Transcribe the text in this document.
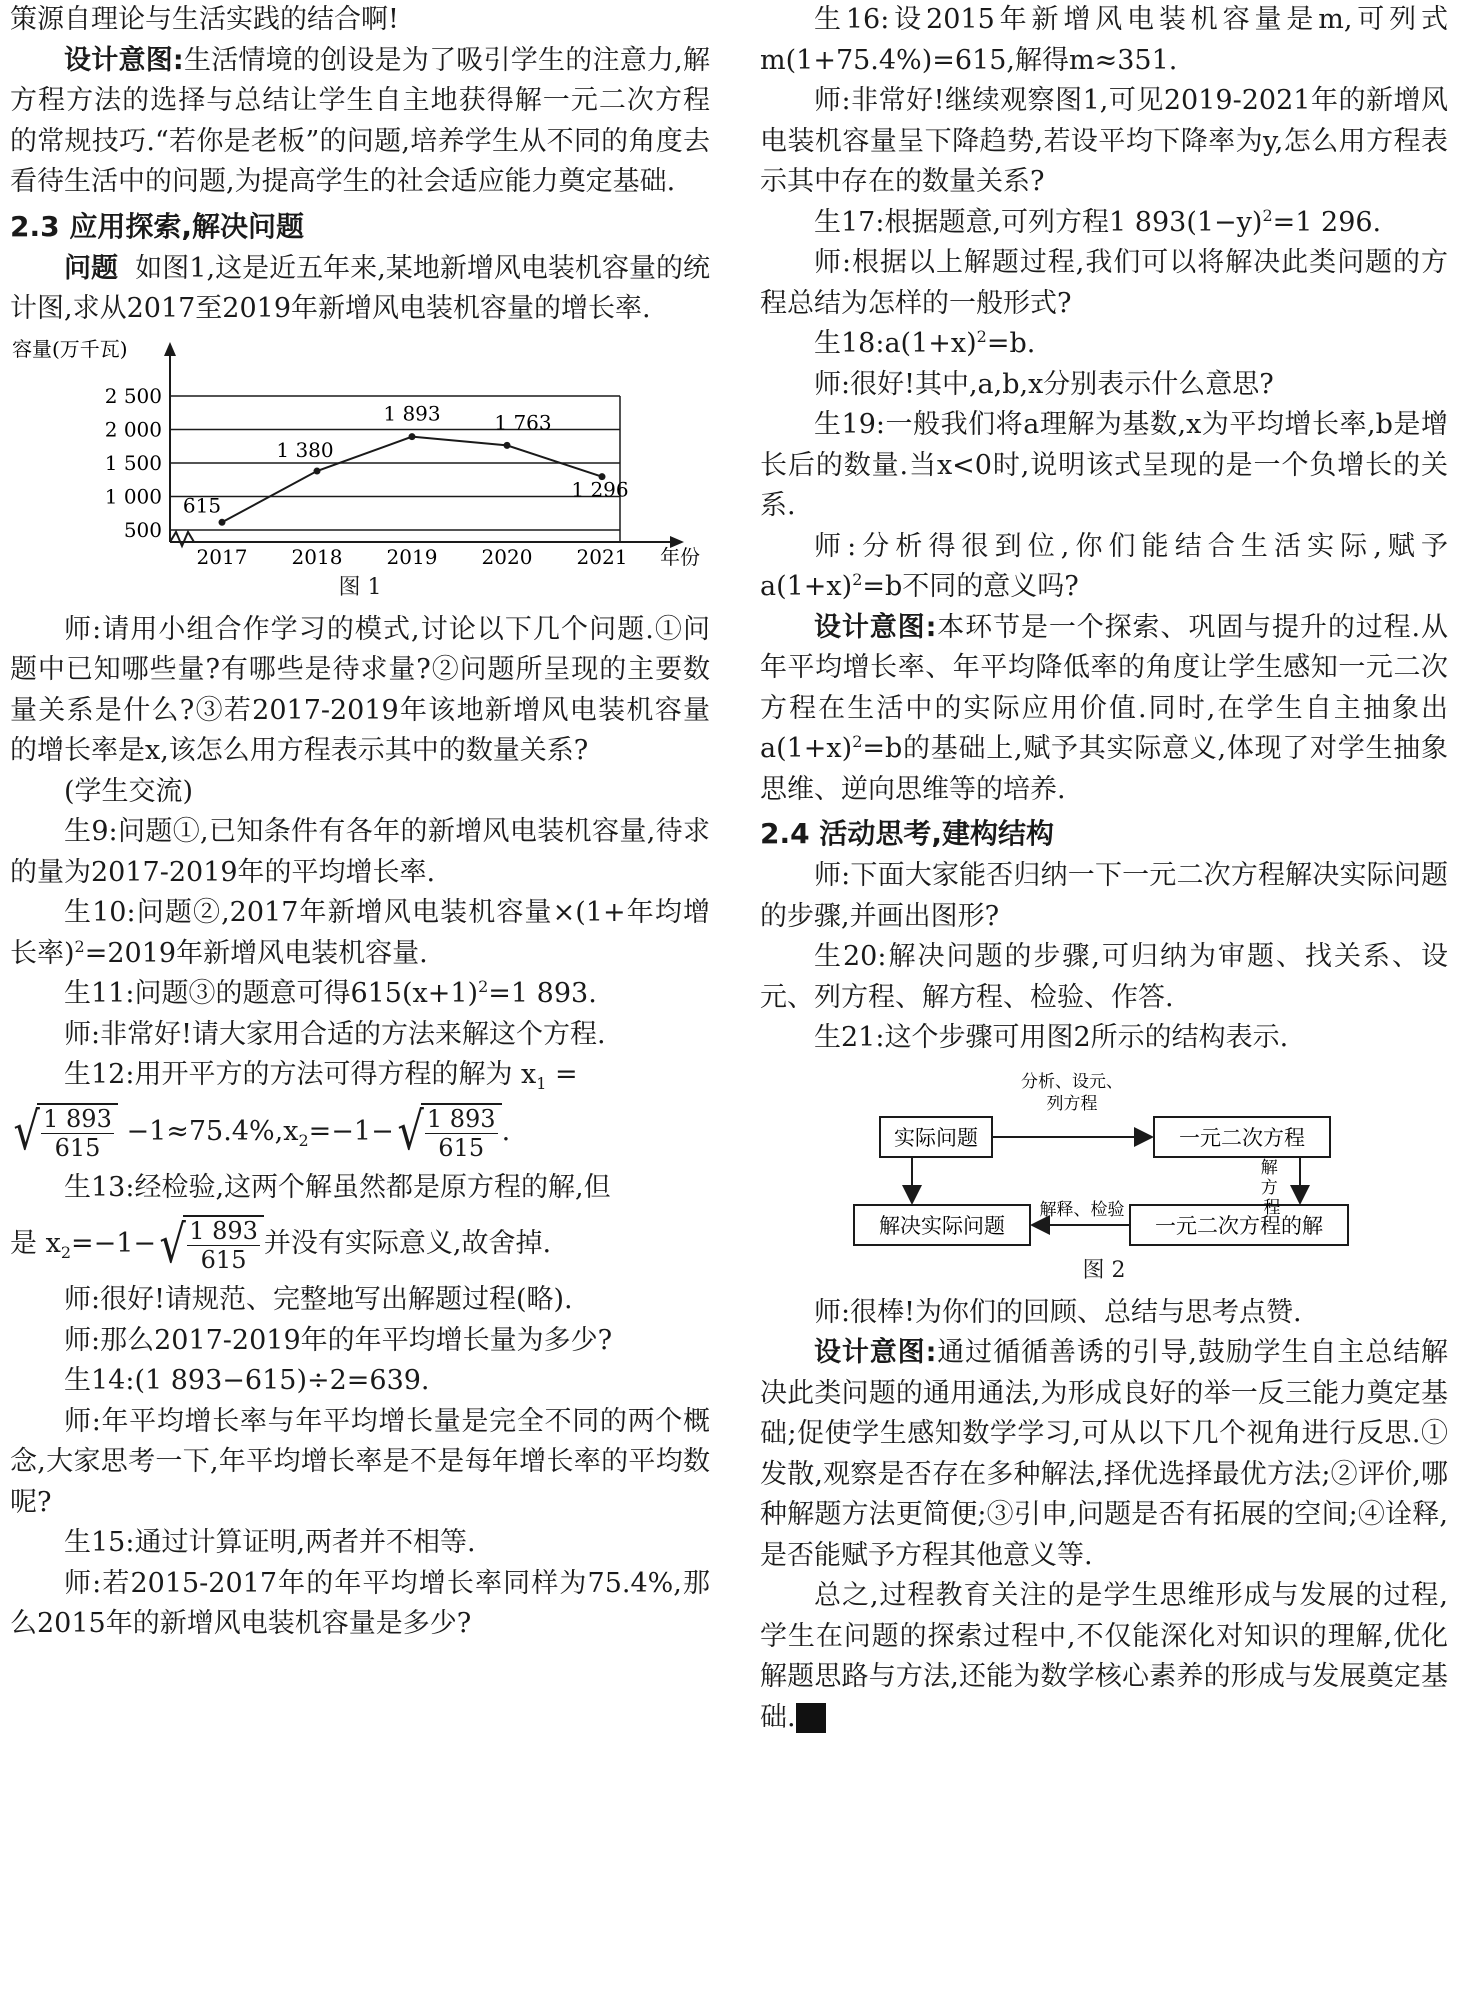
策源自理论与生活实践的结合啊!

设计意图:生活情境的创设是为了吸引学生的注意力,解方程方法的选择与总结让学生自主地获得解一元二次方程的常规技巧.“若你是老板”的问题,培养学生从不同的角度去看待生活中的问题,为提高学生的社会适应能力奠定基础.

2.3 应用探索,解决问题

问题 如图1,这是近五年来,某地新增风电装机容量的统计图,求从2017至2019年新增风电装机容量的增长率.

容量(万千瓦)
年份
500
1 000
1 500
2 000
2 500
2017 2018 2019 2020 2021
615
1 380
1 893	1 763
1 296
图 1

师:请用小组合作学习的模式,讨论以下几个问题.①问题中已知哪些量?有哪些是待求量?②问题所呈现的主要数量关系是什么?③若2017-2019年该地新增风电装机容量的增长率是x,该怎么用方程表示其中的数量关系?

(学生交流)

生9:问题①,已知条件有各年的新增风电装机容量,待求的量为2017-2019年的平均增长率.

生10:问题②,2017年新增风电装机容量×(1+年均增长率)$^2$=2019年新增风电装机容量.

生11:问题③的题意可得$615(x+1)^2=1$ 893.

师:非常好!请大家用合适的方法来解这个方程.

生12:用开平方的方法可得方程的解为 $x_1$ =

√
$\frac{1 893}{615} -1\approx 75.4\%,x_2=-1-$ √
$\frac{1 893}{615}$ .

生13:经检验,这两个解虽然都是原方程的解,但

是 $x_2=-1-$ √
$\frac{1 893}{615}$ 并没有实际意义,故舍掉.

师:很好!请规范、完整地写出解题过程(略).

师:那么2017-2019年的年平均增长量为多少?

生14:(1 893−615)÷2=639.

师:年平均增长率与年平均增长量是完全不同的两个概念,大家思考一下,年平均增长率是不是每年增长率的平均数呢?

生15:通过计算证明,两者并不相等.

师:若2015-2017年的年平均增长率同样为75.4%,那么2015年的新增风电装机容量是多少?

生16:设2015年新增风电装机容量是m,可列式m(1+75.4%)=615,解得m≈351.

师:非常好!继续观察图1,可见2019-2021年的新增风电装机容量呈下降趋势,若设平均下降率为y,怎么用方程表示其中存在的数量关系?

生17:根据题意,可列方程1 $893(1-y)^2=1$ 296.

师:根据以上解题过程,我们可以将解决此类问题的方程总结为怎样的一般形式?

生$18:a(1+x)^2=b$.

师:很好!其中,a,b,x分别表示什么意思?

生19:一般我们将a理解为基数,x为平均增长率,b是增长后的数量.当x<0时,说明该式呈现的是一个负增长的关系.

师:分析得很到位,你们能结合生活实际,赋予$a(1+x)^2=b$不同的意义吗?

设计意图:本环节是一个探索、巩固与提升的过程.从年平均增长率、年平均降低率的角度让学生感知一元二次方程在生活中的实际应用价值.同时,在学生自主抽象出$a(1+x)^2=b$的基础上,赋予其实际意义,体现了对学生抽象思维、逆向思维等的培养.

2.4 活动思考,建构结构

师:下面大家能否归纳一下一元二次方程解决实际问题的步骤,并画出图形?

生20:解决问题的步骤,可归纳为审题、找关系、设元、列方程、解方程、检验、作答.

生21:这个步骤可用图2所示的结构表示.

实际问题	一元二次方程
一元二次方程的解
解决实际问题
分析、设元、
列方程
解 方 程
解释、检验
图 2

师:很棒!为你们的回顾、总结与思考点赞.

设计意图:通过循循善诱的引导,鼓励学生自主总结解决此类问题的通用通法,为形成良好的举一反三能力奠定基础;促使学生感知数学学习,可从以下几个视角进行反思.①发散,观察是否存在多种解法,择优选择最优方法;②评价,哪种解题方法更简便;③引申,问题是否有拓展的空间;④诠释,是否能赋予方程其他意义等.

总之,过程教育关注的是学生思维形成与发展的过程,学生在问题的探索过程中,不仅能深化对知识的理解,优化解题思路与方法,还能为数学核心素养的形成与发展奠定基础. Z
